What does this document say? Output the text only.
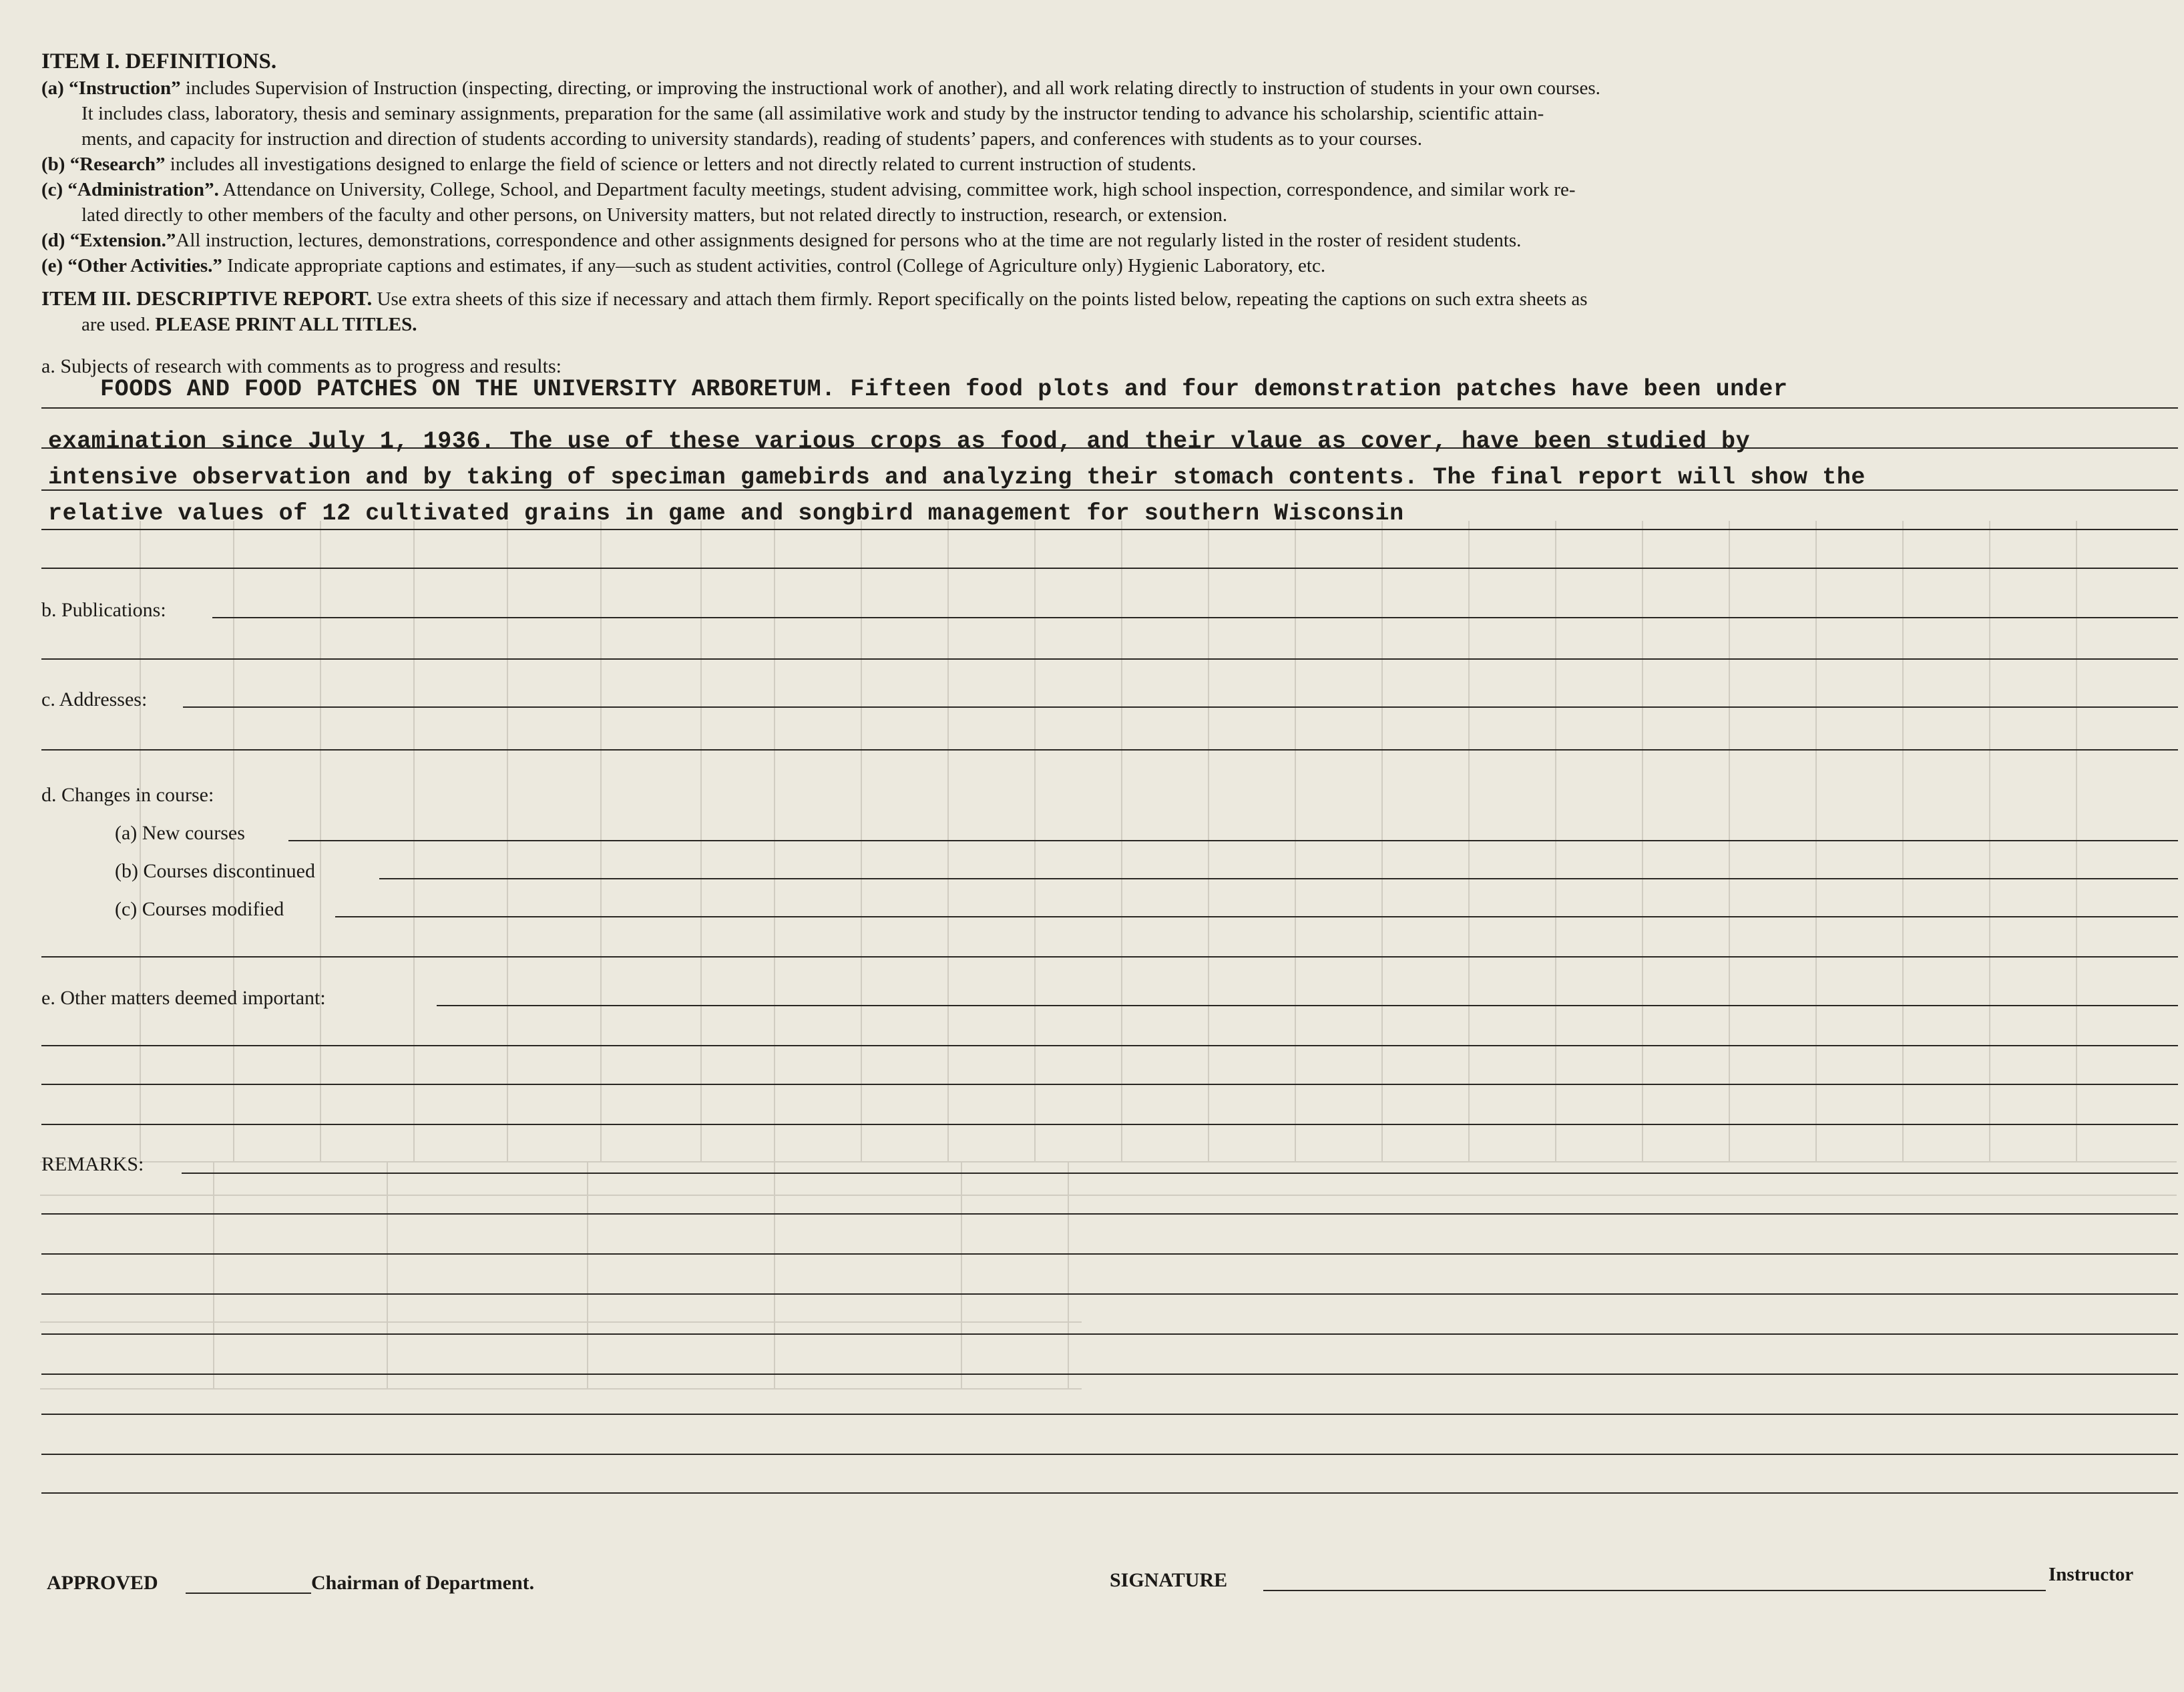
ITEM I. DEFINITIONS.

(a) “Instruction” includes Supervision of Instruction (inspecting, directing, or improving the instructional work of another), and all work relating directly to instruction of students in your own courses.

It includes class, laboratory, thesis and seminary assignments, preparation for the same (all assimilative work and study by the instructor tending to advance his scholarship, scientific attain-

ments, and capacity for instruction and direction of students according to university standards), reading of students’ papers, and conferences with students as to your courses.

(b) “Research” includes all investigations designed to enlarge the field of science or letters and not directly related to current instruction of students.

(c) “Administration”. Attendance on University, College, School, and Department faculty meetings, student advising, committee work, high school inspection, correspondence, and similar work re-

lated directly to other members of the faculty and other persons, on University matters, but not related directly to instruction, research, or extension.

(d) “Extension.”All instruction, lectures, demonstrations, correspondence and other assignments designed for persons who at the time are not regularly listed in the roster of resident students.

(e) “Other Activities.” Indicate appropriate captions and estimates, if any—such as student activities, control (College of Agriculture only) Hygienic Laboratory, etc.

ITEM III. DESCRIPTIVE REPORT. Use extra sheets of this size if necessary and attach them firmly. Report specifically on the points listed below, repeating the captions on such extra sheets as

are used. PLEASE PRINT ALL TITLES.

a. Subjects of research with comments as to progress and results:
FOODS AND FOOD PATCHES ON THE UNIVERSITY ARBORETUM. Fifteen food plots and four demonstration patches have been under
examination since July 1, 1936. The use of these various crops as food, and their vlaue as cover, have been studied by
intensive observation and by taking of speciman gamebirds and analyzing their stomach contents. The final report will show the
relative values of 12 cultivated grains in game and songbird management for southern Wisconsin
b. Publications:
c. Addresses:
d. Changes in course:
(a) New courses
(b) Courses discontinued
(c) Courses modified
e. Other matters deemed important:
REMARKS:
APPROVED	Chairman of Department.	SIGNATURE	Instructor
